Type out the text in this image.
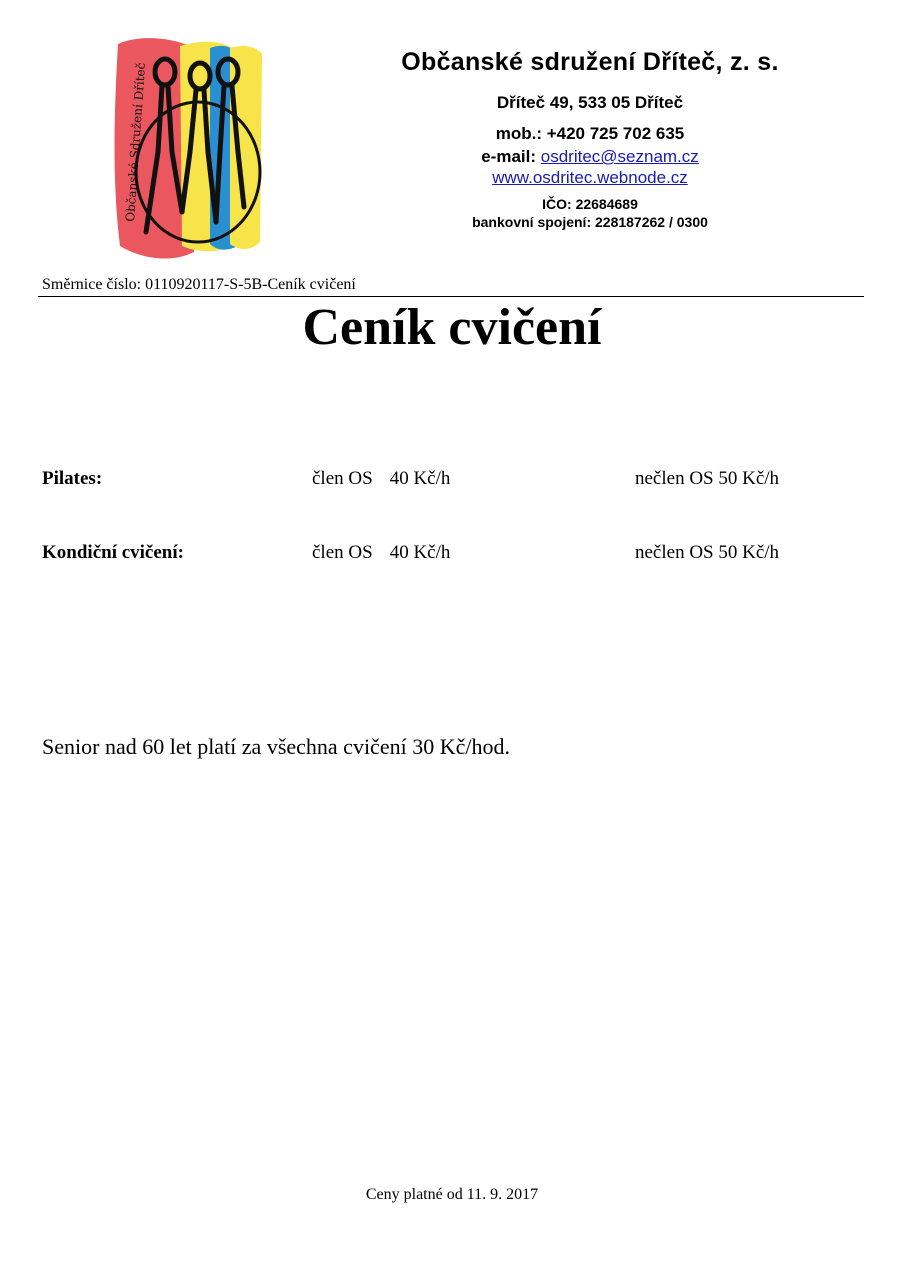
Občanské Sdružení Dříteč
Občanské sdružení Dříteč, z. s.
Dříteč 49, 533 05 Dříteč
mob.: +420 725 702 635
e-mail: osdritec@seznam.cz
www.osdritec.webnode.cz
IČO: 22684689
bankovní spojení: 228187262 / 0300
Směrnice číslo: 0110920117-S-5B-Ceník cvičení
Ceník cvičení
Pilates:	člen OS 40 Kč/h	nečlen OS 50 Kč/h
Kondiční cvičení:	člen OS 40 Kč/h	nečlen OS 50 Kč/h
Senior nad 60 let platí za všechna cvičení 30 Kč/hod.
Ceny platné od 11. 9. 2017
